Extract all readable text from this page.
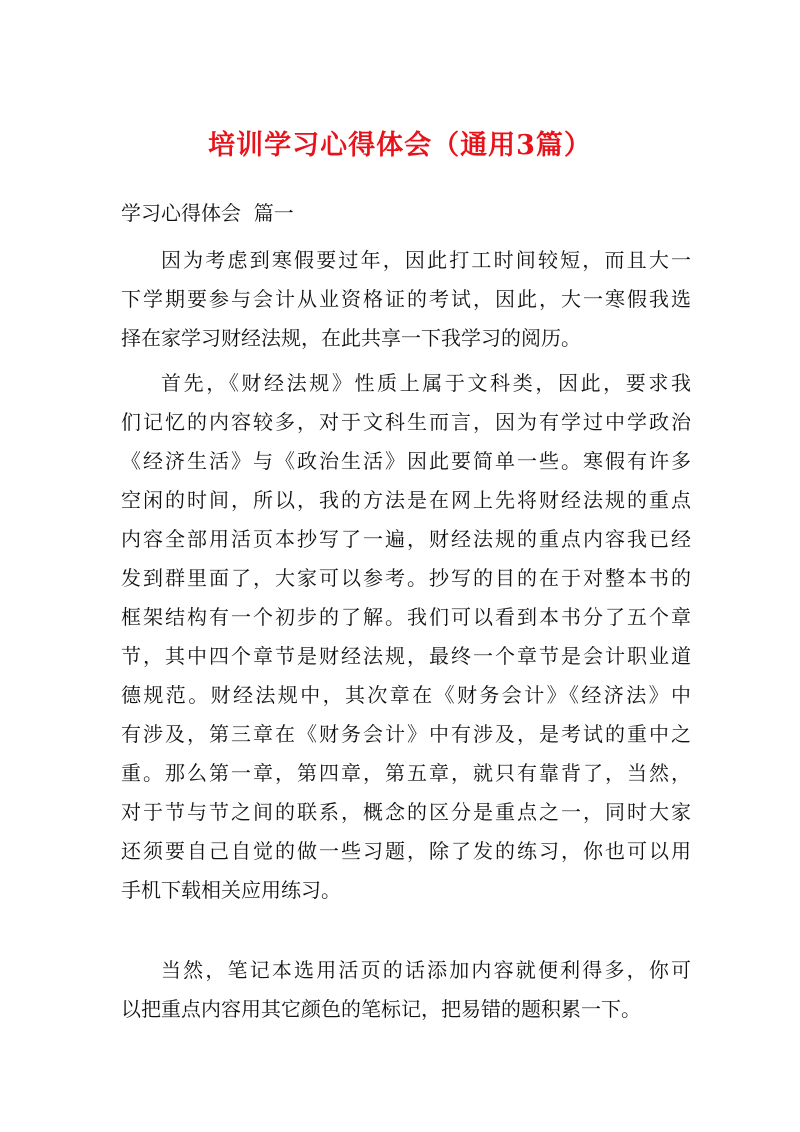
培训学习心得体会（通用3篇）
学习心得体会  篇一
因为考虑到寒假要过年，因此打工时间较短，而且大一
下学期要参与会计从业资格证的考试，因此，大一寒假我选
择在家学习财经法规，在此共享一下我学习的阅历。
首先，《财经法规》性质上属于文科类，因此，要求我
们记忆的内容较多，对于文科生而言，因为有学过中学政治
《经济生活》与《政治生活》因此要简单一些。寒假有许多
空闲的时间，所以，我的方法是在网上先将财经法规的重点
内容全部用活页本抄写了一遍，财经法规的重点内容我已经
发到群里面了，大家可以参考。抄写的目的在于对整本书的
框架结构有一个初步的了解。我们可以看到本书分了五个章
节，其中四个章节是财经法规，最终一个章节是会计职业道
德规范。财经法规中，其次章在《财务会计》《经济法》中
有涉及，第三章在《财务会计》中有涉及，是考试的重中之
重。那么第一章，第四章，第五章，就只有靠背了，当然，
对于节与节之间的联系，概念的区分是重点之一，同时大家
还须要自己自觉的做一些习题，除了发的练习，你也可以用
手机下载相关应用练习。
当然，笔记本选用活页的话添加内容就便利得多，你可
以把重点内容用其它颜色的笔标记，把易错的题积累一下。
